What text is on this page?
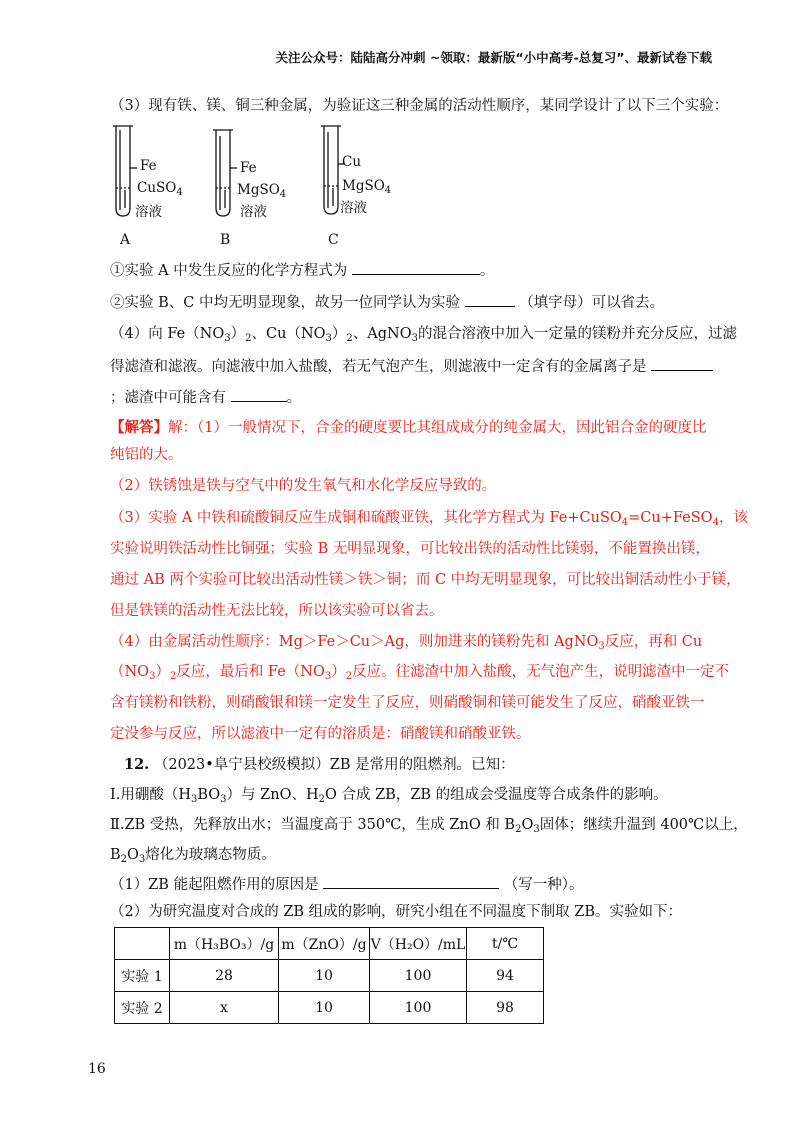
关注公众号：陆陆高分冲刺 ~领取：最新版“小中高考-总复习”、最新试卷下载
（3）现有铁、镁、铜三种金属，为验证这三种金属的活动性顺序，某同学设计了以下三个实验：
Fe
CuSO$_4$
溶液
A
Fe
MgSO$_4$
溶液
B
Cu
MgSO$_4$
溶液
C
①实验 A 中发生反应的化学方程式为	。
②实验 B、C 中均无明显现象，故另一位同学认为实验	（填字母）可以省去。
（4）向 $Fe(NO_3)_2$、$Cu(NO_3)_2$、AgNO$_3$的混合溶液中加入一定量的镁粉并充分反应，过滤
得滤渣和滤液。向滤液中加入盐酸，若无气泡产生，则滤液中一定含有的金属离子是
；滤渣中可能含有	。
【解答】解：（1）一般情况下，合金的硬度要比其组成成分的纯金属大，因此铝合金的硬度比
纯铝的大。
（2）铁锈蚀是铁与空气中的发生氧气和水化学反应导致的。
（3）实验 A 中铁和硫酸铜反应生成铜和硫酸亚铁，其化学方程式为 Fe+CuSO$_4$=Cu+FeSO$_4$，该
实验说明铁活动性比铜强；实验 B 无明显现象，可比较出铁的活动性比镁弱，不能置换出镁，
通过 AB 两个实验可比较出活动性镁＞铁＞铜；而 C 中均无明显现象，可比较出铜活动性小于镁，
但是铁镁的活动性无法比较，所以该实验可以省去。
（4）由金属活动性顺序：Mg＞Fe＞Cu＞Ag，则加进来的镁粉先和 AgNO$_3$反应，再和 Cu
$(NO_3)_2$反应，最后和 $Fe(NO_3)_2$反应。往滤渣中加入盐酸，无气泡产生，说明滤渣中一定不
含有镁粉和铁粉，则硝酸银和镁一定发生了反应，则硝酸铜和镁可能发生了反应，硝酸亚铁一
定没参与反应，所以滤液中一定有的溶质是：硝酸镁和硝酸亚铁。
12. （2023•阜宁县校级模拟）ZB 是常用的阻燃剂。已知：
Ⅰ.用硼酸$(H_3BO_3)$与 ZnO、$H_2O$ 合成 ZB，ZB 的组成会受温度等合成条件的影响。
Ⅱ.ZB 受热，先释放出水；当温度高于 350℃，生成 ZnO 和 $B_2O_3$固体；继续升温到 400℃以上，
$B_2O_3$熔化为玻璃态物质。
（1）ZB 能起阻燃作用的原因是	（写一种）。
（2）为研究温度对合成的 ZB 组成的影响，研究小组在不同温度下制取 ZB。实验如下：
	m（H₃BO₃）/g	m（ZnO）/g	V（H₂O）/mL	t/℃
实验 1	28	10	100	94
实验 2	x	10	100	98
16
